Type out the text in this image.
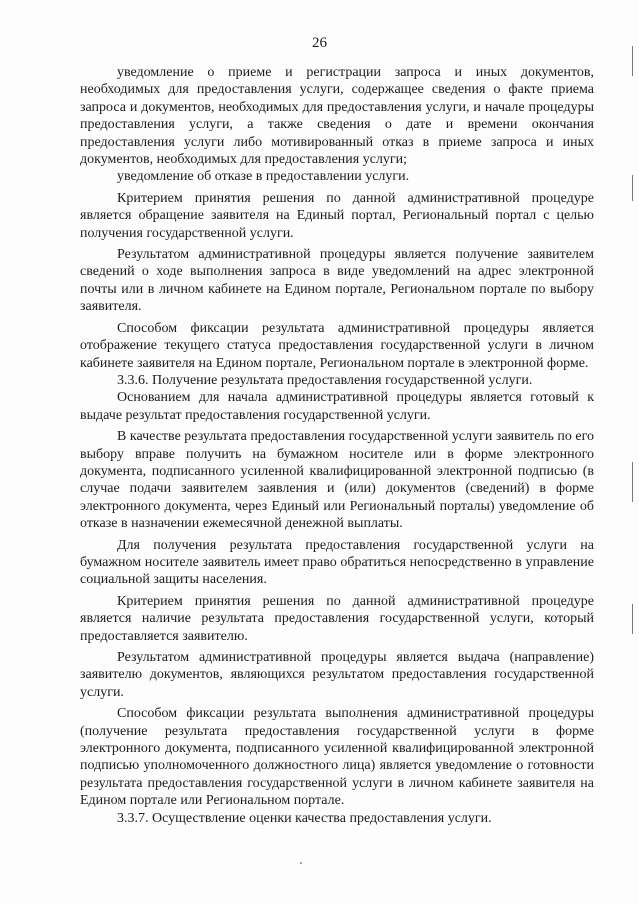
26

уведомление о приеме и регистрации запроса и иных документов, необходимых для предоставления услуги, содержащее сведения о факте приема запроса и документов, необходимых для предоставления услуги, и начале процедуры предоставления услуги, а также сведения о дате и времени окончания предоставления услуги либо мотивированный отказ в приеме запроса и иных документов, необходимых для предоставления услуги;

уведомление об отказе в предоставлении услуги.

Критерием принятия решения по данной административной процедуре является обращение заявителя на Единый портал, Региональный портал с целью получения государственной услуги.

Результатом административной процедуры является получение заявителем сведений о ходе выполнения запроса в виде уведомлений на адрес электронной почты или в личном кабинете на Едином портале, Региональном портале по выбору заявителя.

Способом фиксации результата административной процедуры является отображение текущего статуса предоставления государственной услуги в личном кабинете заявителя на Едином портале, Региональном портале в электронной форме.

3.3.6. Получение результата предоставления государственной услуги.

Основанием для начала административной процедуры является готовый к выдаче результат предоставления государственной услуги.

В качестве результата предоставления государственной услуги заявитель по его выбору вправе получить на бумажном носителе или в форме электронного документа, подписанного усиленной квалифицированной электронной подписью (в случае подачи заявителем заявления и (или) документов (сведений) в форме электронного документа, через Единый или Региональный порталы) уведомление об отказе в назначении ежемесячной денежной выплаты.

Для получения результата предоставления государственной услуги на бумажном носителе заявитель имеет право обратиться непосредственно в управление социальной защиты населения.

Критерием принятия решения по данной административной процедуре является наличие результата предоставления государственной услуги, который предоставляется заявителю.

Результатом административной процедуры является выдача (направление) заявителю документов, являющихся результатом предоставления государственной услуги.

Способом фиксации результата выполнения административной процедуры (получение результата предоставления государственной услуги в форме электронного документа, подписанного усиленной квалифицированной электронной подписью уполномоченного должностного лица) является уведомление о готовности результата предоставления государственной услуги в личном кабинете заявителя на Едином портале или Региональном портале.

3.3.7. Осуществление оценки качества предоставления услуги.
